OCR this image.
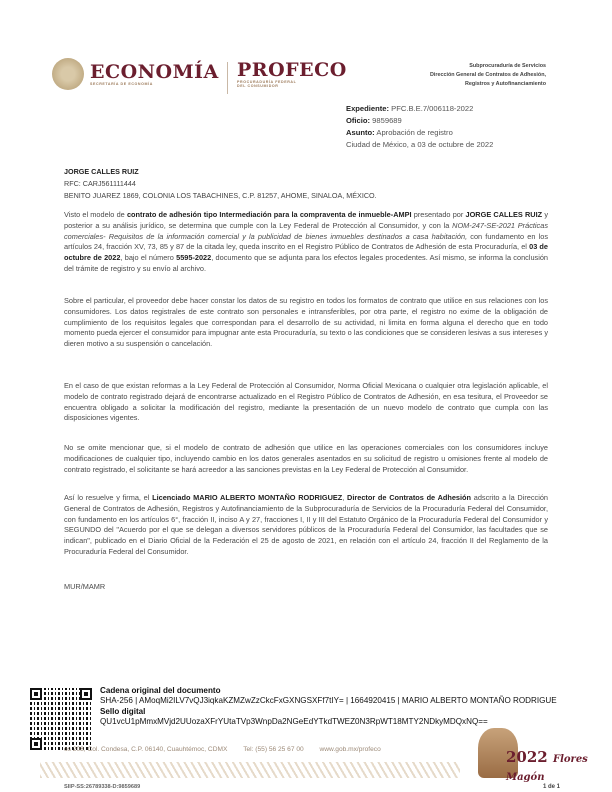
ECONOMÍA
SECRETARÍA DE ECONOMÍA
PROFECO
PROCURADURÍA FEDERAL
DEL CONSUMIDOR
Subprocuraduría de Servicios
Dirección General de Contratos de Adhesión,
Registros y Autofinanciamiento
Expediente: PFC.B.E.7/006118-2022
Oficio: 9859689
Asunto: Aprobación de registro
Ciudad de México, a 03 de octubre de 2022
JORGE CALLES RUIZ
RFC: CARJ561111444
BENITO JUAREZ 1869, COLONIA LOS TABACHINES, C.P. 81257, AHOME, SINALOA, MÉXICO.
Visto el modelo de contrato de adhesión tipo Intermediación para la compraventa de inmueble-AMPI presentado por JORGE CALLES RUIZ y posterior a su análisis jurídico, se determina que cumple con la Ley Federal de Protección al Consumidor, y con la NOM-247-SE-2021 Prácticas comerciales- Requisitos de la información comercial y la publicidad de bienes inmuebles destinados a casa habitación, con fundamento en los artículos 24, fracción XV, 73, 85 y 87 de la citada ley, queda inscrito en el Registro Público de Contratos de Adhesión de esta Procuraduría, el 03 de octubre de 2022, bajo el número 5595-2022, documento que se adjunta para los efectos legales procedentes. Así mismo, se informa la conclusión del trámite de registro y su envío al archivo.
Sobre el particular, el proveedor debe hacer constar los datos de su registro en todos los formatos de contrato que utilice en sus relaciones con los consumidores. Los datos registrales de este contrato son personales e intransferibles, por otra parte, el registro no exime de la obligación de cumplimiento de los requisitos legales que correspondan para el desarrollo de su actividad, ni limita en forma alguna el derecho que en todo momento pueda ejercer el consumidor para impugnar ante esta Procuraduría, su texto o las condiciones que se consideren lesivas a sus intereses y dieren motivo a su suspensión o cancelación.
En el caso de que existan reformas a la Ley Federal de Protección al Consumidor, Norma Oficial Mexicana o cualquier otra legislación aplicable, el modelo de contrato registrado dejará de encontrarse actualizado en el Registro Público de Contratos de Adhesión, en esa tesitura, el Proveedor se encuentra obligado a solicitar la modificación del registro, mediante la presentación de un nuevo modelo de contrato que cumpla con las disposiciones vigentes.
No se omite mencionar que, si el modelo de contrato de adhesión que utilice en las operaciones comerciales con los consumidores incluye modificaciones de cualquier tipo, incluyendo cambio en los datos generales asentados en su solicitud de registro u omisiones frente al modelo de contrato registrado, el solicitante se hará acreedor a las sanciones previstas en la Ley Federal de Protección al Consumidor.
Así lo resuelve y firma, el Licenciado MARIO ALBERTO MONTAÑO RODRIGUEZ, Director de Contratos de Adhesión adscrito a la Dirección General de Contratos de Adhesión, Registros y Autofinanciamiento de la Subprocuraduría de Servicios de la Procuraduría Federal del Consumidor, con fundamento en los artículos 6°, fracción II, inciso A y 27, fracciones I, II y III del Estatuto Orgánico de la Procuraduría Federal del Consumidor y SEGUNDO del "Acuerdo por el que se delegan a diversos servidores públicos de la Procuraduría Federal del Consumidor, las facultades que se indican", publicado en el Diario Oficial de la Federación el 25 de agosto de 2021, en relación con el artículo 24, fracción II del Reglamento de la Procuraduría Federal del Consumidor.
MUR/MAMR
Cadena original del documento
SHA-256 | AMoqMi2ILV7vQJ3iqkaKZMZwZzCkcFxGXNGSXFf7tIY= | 1664920415 | MARIO ALBERTO MONTAÑO RODRIGUE
Sello digital
QU1vcU1pMmxMVjd2UUozaXFrYUtaTVp3WnpDa2NGeEdYTkdTWEZ0N3RpWT18MTY2NDkyMDQxNQ==
os 208, Col. Condesa, C.P. 06140, Cuauhtémoc, CDMX Tel: (55) 56 25 67 00 www.gob.mx/profeco	2022 Flores Magón
SIIP-SS:26789338-D:9859689	1 de 1
